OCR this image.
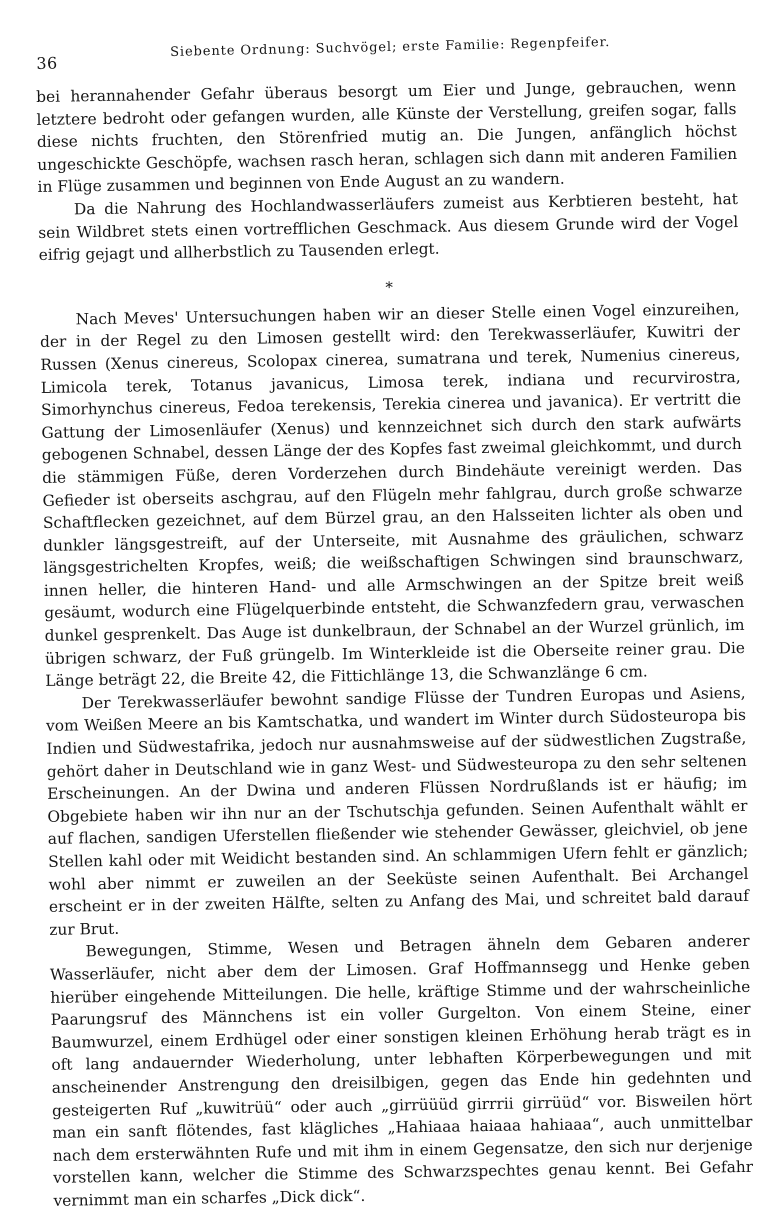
36
Siebente Ordnung: Suchvögel; erste Familie: Regenpfeifer.

bei herannahender Gefahr überaus besorgt um Eier und Junge, gebrauchen, wenn letztere bedroht oder gefangen wurden, alle Künste der Verstellung, greifen sogar, falls diese nichts fruchten, den Störenfried mutig an. Die Jungen, anfänglich höchst ungeschickte Geschöpfe, wachsen rasch heran, schlagen sich dann mit anderen Familien in Flüge zusammen und beginnen von Ende August an zu wandern.

Da die Nahrung des Hochlandwasserläufers zumeist aus Kerbtieren besteht, hat sein Wildbret stets einen vortrefflichen Geschmack. Aus diesem Grunde wird der Vogel eifrig gejagt und allherbstlich zu Tausenden erlegt.

*

Nach Meves' Untersuchungen haben wir an dieser Stelle einen Vogel einzureihen, der in der Regel zu den Limosen gestellt wird: den Terekwasserläufer, Kuwitri der Russen (Xenus cinereus, Scolopax cinerea, sumatrana und terek, Numenius cinereus, Limicola terek, Totanus javanicus, Limosa terek, indiana und recurvirostra, Simorhynchus cinereus, Fedoa terekensis, Terekia cinerea und javanica). Er vertritt die Gattung der Limosenläufer (Xenus) und kennzeichnet sich durch den stark aufwärts gebogenen Schnabel, dessen Länge der des Kopfes fast zweimal gleichkommt, und durch die stämmigen Füße, deren Vorderzehen durch Bindehäute vereinigt werden. Das Gefieder ist oberseits aschgrau, auf den Flügeln mehr fahlgrau, durch große schwarze Schaftflecken gezeichnet, auf dem Bürzel grau, an den Halsseiten lichter als oben und dunkler längsgestreift, auf der Unterseite, mit Ausnahme des gräulichen, schwarz längsgestrichelten Kropfes, weiß; die weißschaftigen Schwingen sind braunschwarz, innen heller, die hinteren Hand- und alle Armschwingen an der Spitze breit weiß gesäumt, wodurch eine Flügelquerbinde entsteht, die Schwanzfedern grau, verwaschen dunkel gesprenkelt. Das Auge ist dunkelbraun, der Schnabel an der Wurzel grünlich, im übrigen schwarz, der Fuß grüngelb. Im Winterkleide ist die Oberseite reiner grau. Die Länge beträgt 22, die Breite 42, die Fittichlänge 13, die Schwanzlänge 6 cm.

Der Terekwasserläufer bewohnt sandige Flüsse der Tundren Europas und Asiens, vom Weißen Meere an bis Kamtschatka, und wandert im Winter durch Südosteuropa bis Indien und Südwestafrika, jedoch nur ausnahmsweise auf der südwestlichen Zugstraße, gehört daher in Deutschland wie in ganz West- und Südwesteuropa zu den sehr seltenen Erscheinungen. An der Dwina und anderen Flüssen Nordrußlands ist er häufig; im Obgebiete haben wir ihn nur an der Tschutschja gefunden. Seinen Aufenthalt wählt er auf flachen, sandigen Uferstellen fließender wie stehender Gewässer, gleichviel, ob jene Stellen kahl oder mit Weidicht bestanden sind. An schlammigen Ufern fehlt er gänzlich; wohl aber nimmt er zuweilen an der Seeküste seinen Aufenthalt. Bei Archangel erscheint er in der zweiten Hälfte, selten zu Anfang des Mai, und schreitet bald darauf zur Brut.

Bewegungen, Stimme, Wesen und Betragen ähneln dem Gebaren anderer Wasserläufer, nicht aber dem der Limosen. Graf Hoffmannsegg und Henke geben hierüber eingehende Mitteilungen. Die helle, kräftige Stimme und der wahrscheinliche Paarungsruf des Männchens ist ein voller Gurgelton. Von einem Steine, einer Baumwurzel, einem Erdhügel oder einer sonstigen kleinen Erhöhung herab trägt es in oft lang andauernder Wiederholung, unter lebhaften Körperbewegungen und mit anscheinender Anstrengung den dreisilbigen, gegen das Ende hin gedehnten und gesteigerten Ruf „kuwitrüü“ oder auch „girrüüüd girrrii girrüüd“ vor. Bisweilen hört man ein sanft flötendes, fast klägliches „Hahiaaa haiaaa hahiaaa“, auch unmittelbar nach dem ersterwähnten Rufe und mit ihm in einem Gegensatze, den sich nur derjenige vorstellen kann, welcher die Stimme des Schwarzspechtes genau kennt. Bei Gefahr vernimmt man ein scharfes „Dick dick“.
